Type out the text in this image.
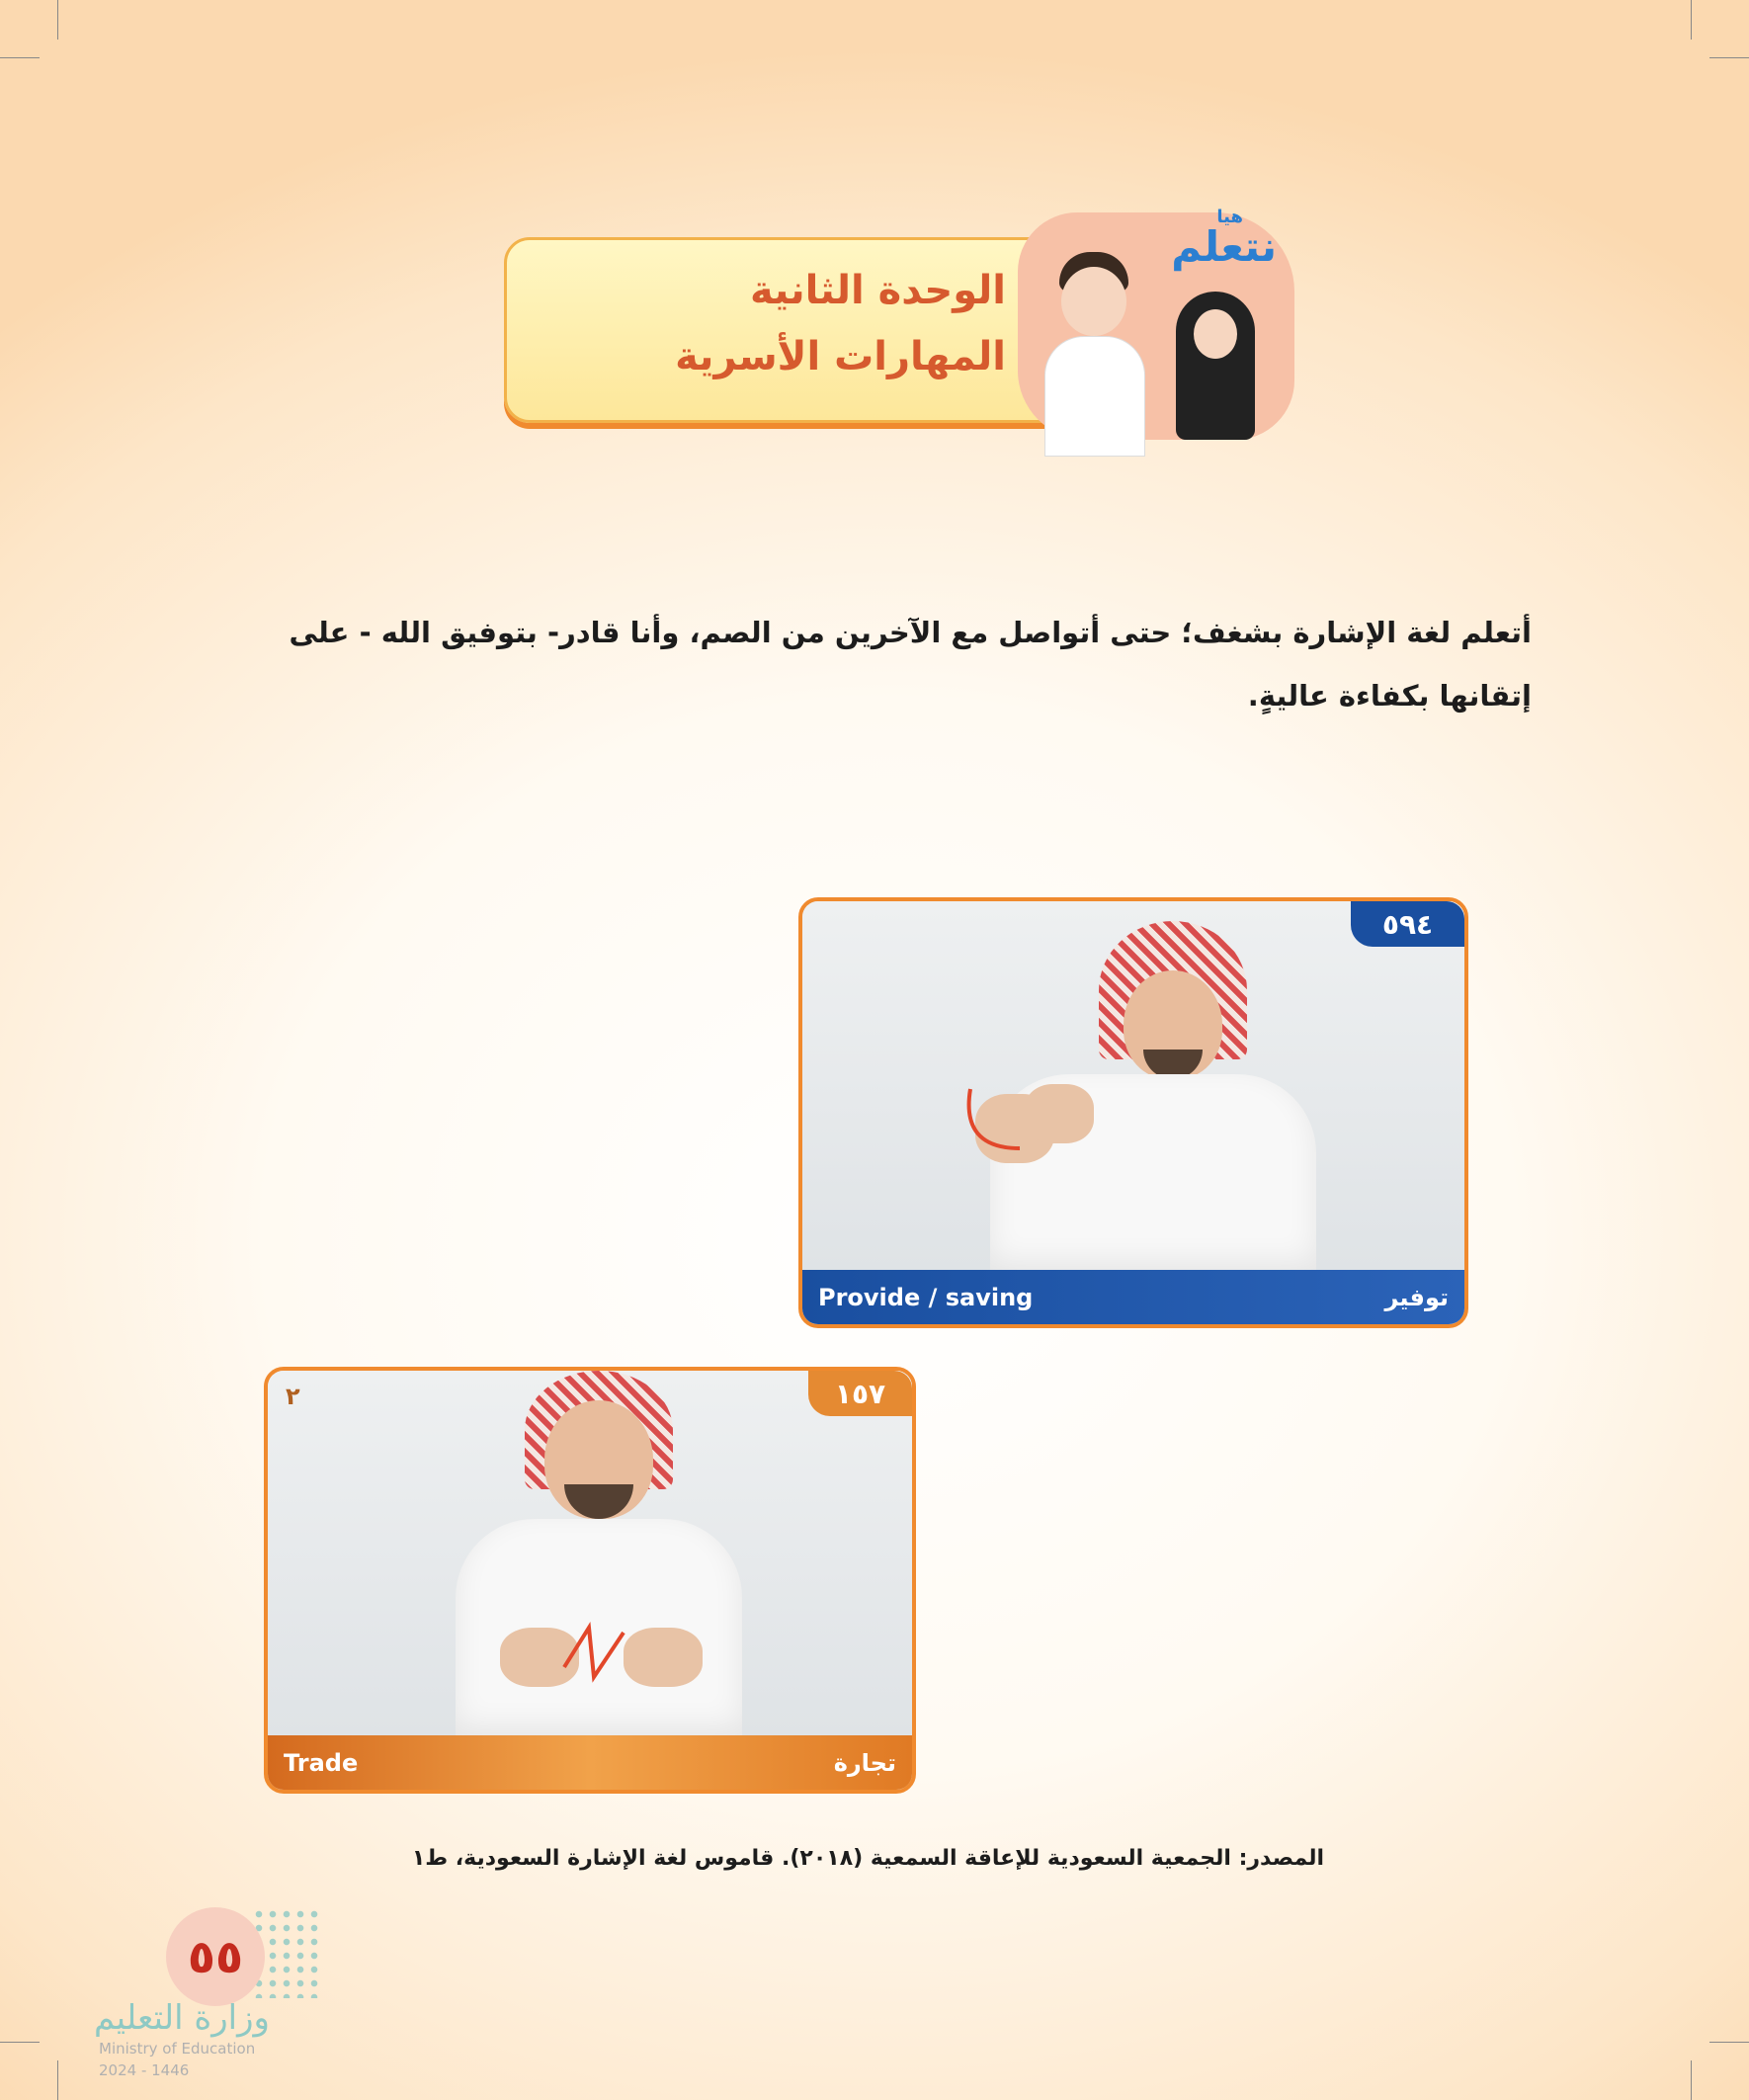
الوحدة الثانية
المهارات الأسرية
هيا
نتعلم
أتعلم لغة الإشارة بشغف؛ حتى أتواصل مع الآخرين من الصم، وأنا قادر- بتوفيق الله - على
إتقانها بكفاءة عاليةٍ.
٥٩٤
Provide / saving	توفير
٢	١٥٧
Trade	تجارة
المصدر: الجمعية السعودية للإعاقة السمعية (٢٠١٨). قاموس لغة الإشارة السعودية، ط١
٥٥
وزارة التعليم
Ministry of Education
2024 - 1446
